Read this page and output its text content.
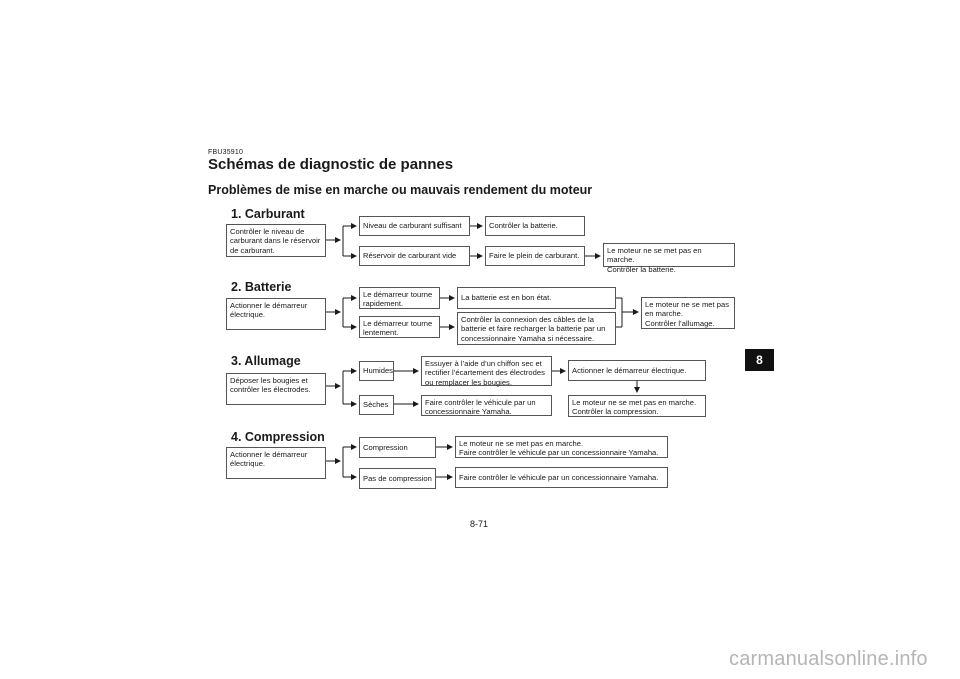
FBU35910
Schémas de diagnostic de pannes
Problèmes de mise en marche ou mauvais rendement du moteur
1. Carburant
Contrôler le niveau de
carburant dans le réservoir
de carburant.
Niveau de carburant suffisant	Contrôler la batterie.
Réservoir de carburant vide	Faire le plein de carburant.
Le moteur ne se met pas en marche.
Contrôler la batterie.
2. Batterie
Actionner le démarreur
électrique.
Le démarreur tourne
rapidement.
La batterie est en bon état.
Le démarreur tourne
lentement.
Contrôler la connexion des câbles de la
batterie et faire recharger la batterie par un
concessionnaire Yamaha si nécessaire.
Le moteur ne se met pas
en marche.
Contrôler l’allumage.
3. Allumage
Déposer les bougies et
contrôler les électrodes.
Humides
Essuyer à l’aide d’un chiffon sec et
rectifier l’écartement des électrodes
ou remplacer les bougies.
Actionner le démarreur électrique.
Sèches	Faire contrôler le véhicule par un
concessionnaire Yamaha.
Le moteur ne se met pas en marche.
Contrôler la compression.
4. Compression
Actionner le démarreur
électrique.
Compression	Le moteur ne se met pas en marche.
Faire contrôler le véhicule par un concessionnaire Yamaha.
Pas de compression	Faire contrôler le véhicule par un concessionnaire Yamaha.
8
8-71
carmanualsonline.info
